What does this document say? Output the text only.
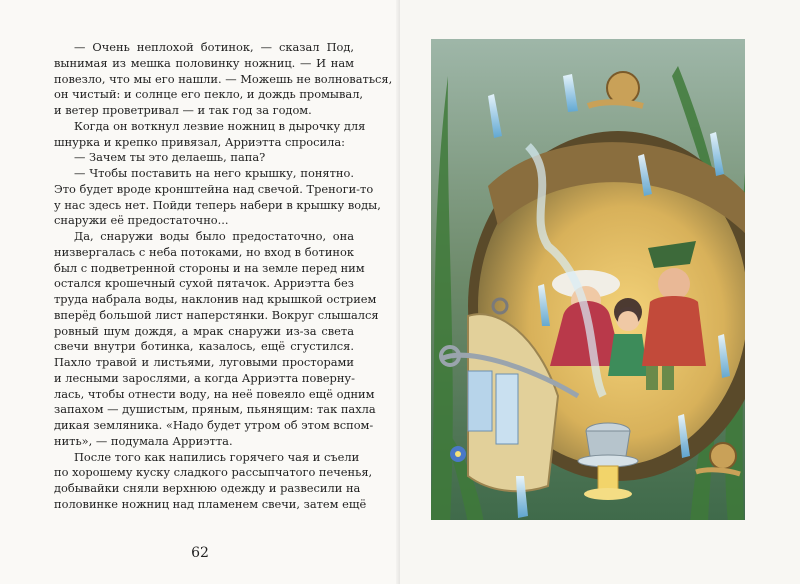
— Очень неплохой ботинок, — сказал Под,
вынимая из мешка половинку ножниц. — И нам
повезло, что мы его нашли. — Можешь не волноваться,
он чистый: и солнце его пекло, и дождь промывал,
и ветер проветривал — и так год за годом.

Когда он воткнул лезвие ножниц в дырочку для
шнурка и крепко привязал, Арриэтта спросила:

— Зачем ты это делаешь, папа?

— Чтобы поставить на него крышку, понятно.
Это будет вроде кронштейна над свечой. Треноги-то
у нас здесь нет. Пойди теперь набери в крышку воды,
снаружи её предостаточно...

Да, снаружи воды было предостаточно, она
низвергалась с неба потоками, но вход в ботинок
был с подветренной стороны и на земле перед ним
остался крошечный сухой пятачок. Арриэтта без
труда набрала воды, наклонив над крышкой острием
вперёд большой лист наперстянки. Вокруг слышался
ровный шум дождя, а мрак снаружи из-за света
свечи внутри ботинка, казалось, ещё сгустился.
Пахло травой и листьями, луговыми просторами
и лесными зарослями, а когда Арриэтта поверну-
лась, чтобы отнести воду, на неё повеяло ещё одним
запахом — душистым, пряным, пьянящим: так пахла
дикая земляника. «Надо будет утром об этом вспом-
нить», — подумала Арриэтта.

После того как напились горячего чая и съели
по хорошему куску сладкого рассыпчатого печенья,
добывайки сняли верхнюю одежду и развесили на
половинке ножниц над пламенем свечи, затем ещё

62
